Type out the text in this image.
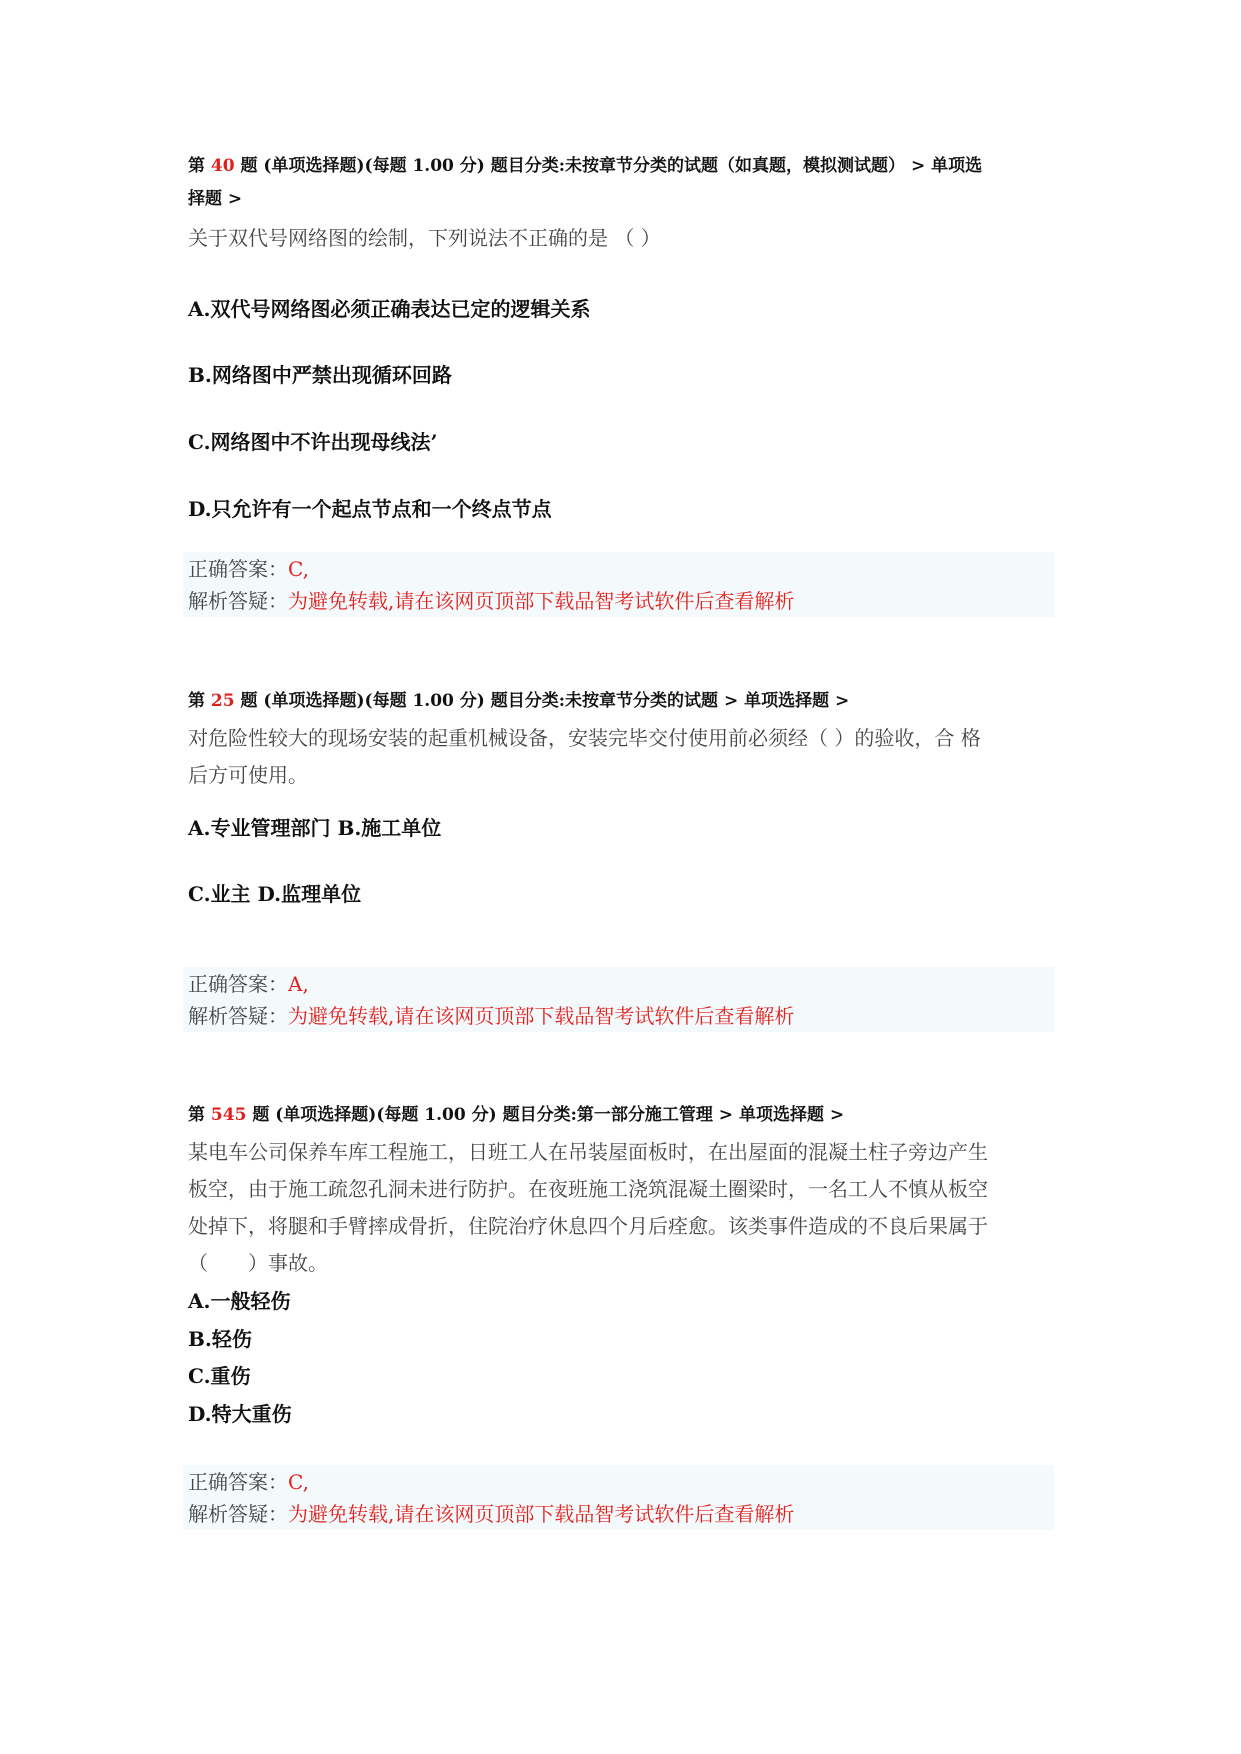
第 40 题 (单项选择题)(每题 1.00 分) 题目分类:未按章节分类的试题（如真题，模拟测试题） > 单项选
择题 >
关于双代号网络图的绘制，下列说法不正确的是 （ ）
A.双代号网络图必须正确表达已定的逻辑关系
B.网络图中严禁出现循环回路
C.网络图中不许出现母线法’
D.只允许有一个起点节点和一个终点节点
正确答案：C,
解析答疑：为避免转载,请在该网页顶部下载品智考试软件后查看解析
第 25 题 (单项选择题)(每题 1.00 分) 题目分类:未按章节分类的试题 > 单项选择题 >
对危险性较大的现场安装的起重机械设备，安装完毕交付使用前必须经（ ）的验收，合 格
后方可使用。
A.专业管理部门 B.施工单位
C.业主 D.监理单位
正确答案：A,
解析答疑：为避免转载,请在该网页顶部下载品智考试软件后查看解析
第 545 题 (单项选择题)(每题 1.00 分) 题目分类:第一部分施工管理 > 单项选择题 >
某电车公司保养车库工程施工，日班工人在吊装屋面板时，在出屋面的混凝土柱子旁边产生
板空，由于施工疏忽孔洞未进行防护。在夜班施工浇筑混凝土圈梁时，一名工人不慎从板空
处掉下，将腿和手臂摔成骨折，住院治疗休息四个月后痊愈。该类事件造成的不良后果属于
（　　）事故。
A.一般轻伤
B.轻伤
C.重伤
D.特大重伤
正确答案：C,
解析答疑：为避免转载,请在该网页顶部下载品智考试软件后查看解析
